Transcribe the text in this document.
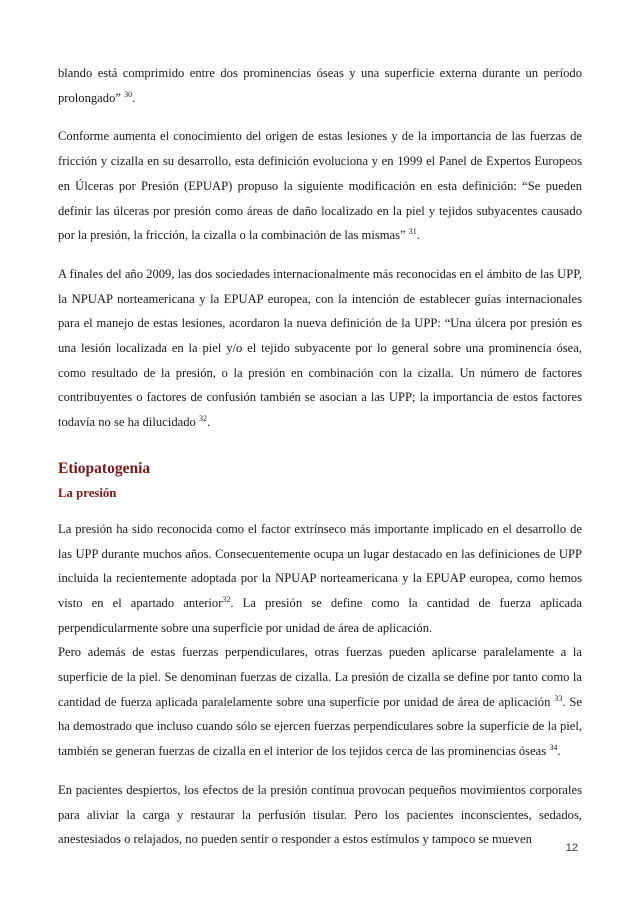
blando está comprimido entre dos prominencias óseas y una superficie externa durante un período prolongado” $^{30}$.

Conforme aumenta el conocimiento del origen de estas lesiones y de la importancia de las fuerzas de fricción y cizalla en su desarrollo, esta definición evoluciona y en 1999 el Panel de Expertos Europeos en Úlceras por Presión (EPUAP) propuso la siguiente modificación en esta definición: “Se pueden definir las úlceras por presión como áreas de daño localizado en la piel y tejidos subyacentes causado por la presión, la fricción, la cizalla o la combinación de las mismas” $^{31}$.

A finales del año 2009, las dos sociedades internacionalmente más reconocidas en el ámbito de las UPP, la NPUAP norteamericana y la EPUAP europea, con la intención de establecer guías internacionales para el manejo de estas lesiones, acordaron la nueva definición de la UPP: “Una úlcera por presión es una lesión localizada en la piel y/o el tejido subyacente por lo general sobre una prominencia ósea, como resultado de la presión, o la presión en combinación con la cizalla. Un número de factores contribuyentes o factores de confusión también se asocian a las UPP; la importancia de estos factores todavía no se ha dilucidado $^{32}$.

Etiopatogenia
La presión

La presión ha sido reconocida como el factor extrínseco más importante implicado en el desarrollo de las UPP durante muchos años. Consecuentemente ocupa un lugar destacado en las definiciones de UPP incluida la recientemente adoptada por la NPUAP norteamericana y la EPUAP europea, como hemos visto en el apartado anterior$^{32}$. La presión se define como la cantidad de fuerza aplicada perpendicularmente sobre una superficie por unidad de área de aplicación.

Pero además de estas fuerzas perpendiculares, otras fuerzas pueden aplicarse paralelamente a la superficie de la piel. Se denominan fuerzas de cizalla. La presión de cizalla se define por tanto como la cantidad de fuerza aplicada paralelamente sobre una superficie por unidad de área de aplicación $^{33}$. Se ha demostrado que incluso cuando sólo se ejercen fuerzas perpendiculares sobre la superficie de la piel, también se generan fuerzas de cizalla en el interior de los tejidos cerca de las prominencias óseas $^{34}$.

En pacientes despiertos, los efectos de la presión continua provocan pequeños movimientos corporales para aliviar la carga y restaurar la perfusión tisular. Pero los pacientes inconscientes, sedados, anestesiados o relajados, no pueden sentir o responder a estos estímulos y tampoco se mueven

12
